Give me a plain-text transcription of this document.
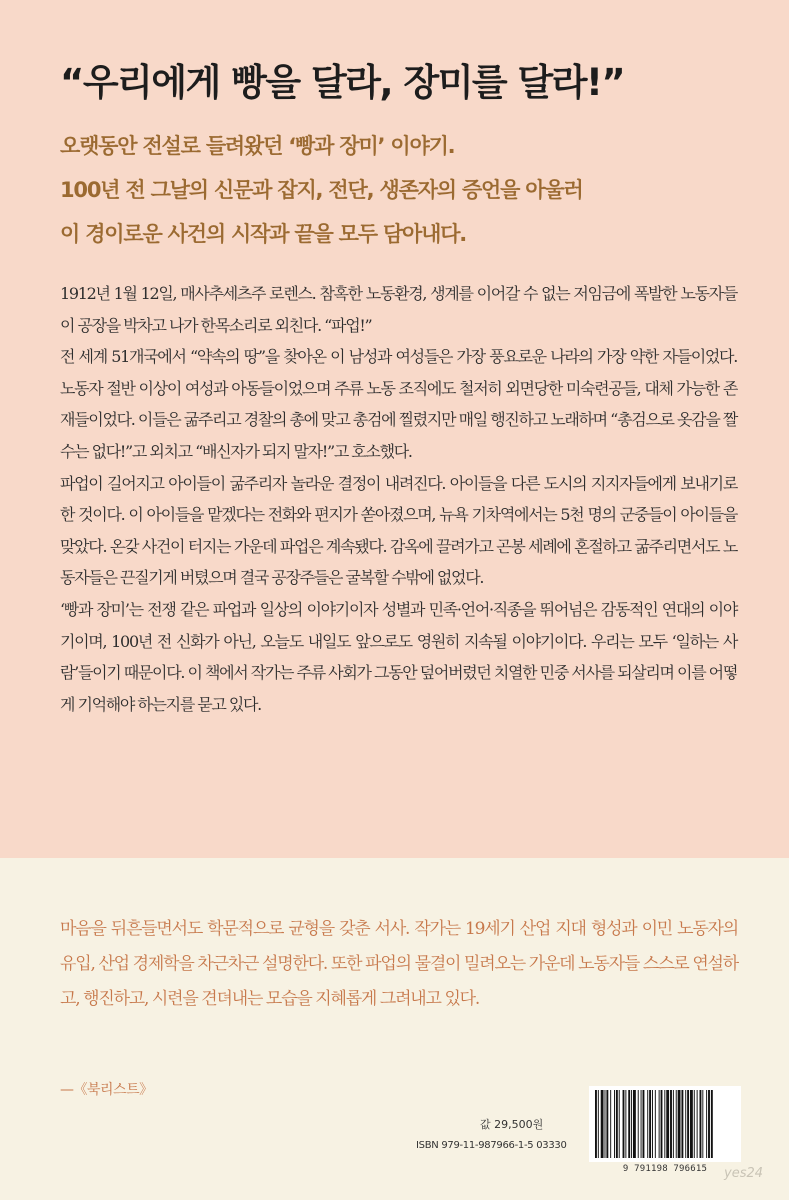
“우리에게 빵을 달라, 장미를 달라!”
오랫동안 전설로 들려왔던 ‘빵과 장미’ 이야기.
100년 전 그날의 신문과 잡지, 전단, 생존자의 증언을 아울러
이 경이로운 사건의 시작과 끝을 모두 담아내다.

1912년 1월 12일, 매사추세츠주 로렌스. 참혹한 노동환경, 생계를 이어갈 수 없는 저임금에 폭발한 노동자들이 공장을 박차고 나가 한목소리로 외친다. “파업!”

전 세계 51개국에서 “약속의 땅”을 찾아온 이 남성과 여성들은 가장 풍요로운 나라의 가장 약한 자들이었다. 노동자 절반 이상이 여성과 아동들이었으며 주류 노동 조직에도 철저히 외면당한 미숙련공들, 대체 가능한 존재들이었다. 이들은 굶주리고 경찰의 총에 맞고 총검에 찔렸지만 매일 행진하고 노래하며 “총검으로 옷감을 짤 수는 없다!”고 외치고 “배신자가 되지 말자!”고 호소했다.

파업이 길어지고 아이들이 굶주리자 놀라운 결정이 내려진다. 아이들을 다른 도시의 지지자들에게 보내기로 한 것이다. 이 아이들을 맡겠다는 전화와 편지가 쏟아졌으며, 뉴욕 기차역에서는 5천 명의 군중들이 아이들을 맞았다. 온갖 사건이 터지는 가운데 파업은 계속됐다. 감옥에 끌려가고 곤봉 세례에 혼절하고 굶주리면서도 노동자들은 끈질기게 버텼으며 결국 공장주들은 굴복할 수밖에 없었다.

‘빵과 장미’는 전쟁 같은 파업과 일상의 이야기이자 성별과 민족·언어·직종을 뛰어넘은 감동적인 연대의 이야기이며, 100년 전 신화가 아닌, 오늘도 내일도 앞으로도 영원히 지속될 이야기이다. 우리는 모두 ‘일하는 사람’들이기 때문이다. 이 책에서 작가는 주류 사회가 그동안 덮어버렸던 치열한 민중 서사를 되살리며 이를 어떻게 기억해야 하는지를 묻고 있다.

마음을 뒤흔들면서도 학문적으로 균형을 갖춘 서사. 작가는 19세기 산업 지대 형성과 이민 노동자의 유입, 산업 경제학을 차근차근 설명한다. 또한 파업의 물결이 밀려오는 가운데 노동자들 스스로 연설하고, 행진하고, 시련을 견뎌내는 모습을 지혜롭게 그려내고 있다.
—《북리스트》
값 29,500원
ISBN 979-11-987966-1-5 03330
9 791198 796615	yes24
